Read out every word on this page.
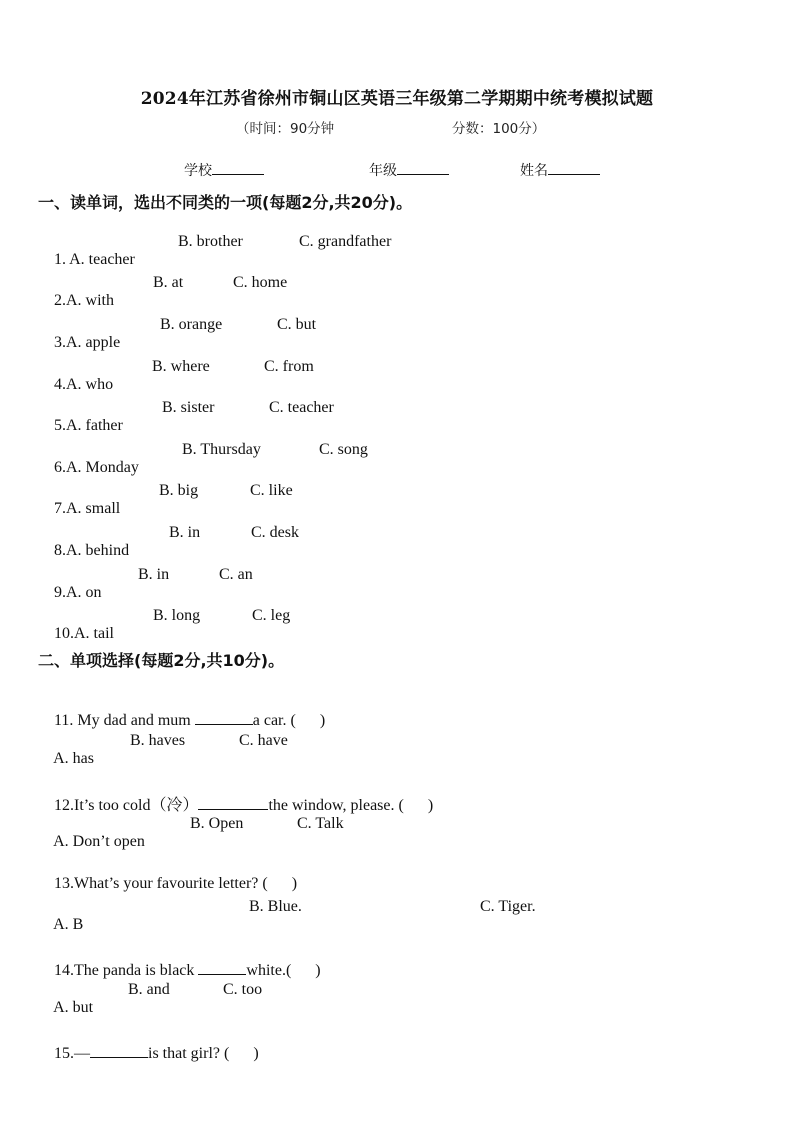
2024年江苏省徐州市铜山区英语三年级第二学期期中统考模拟试题
（时间：90分钟	分数：100分）
学校	年级	姓名
一、读单词，选出不同类的一项(每题2分,共20分)。

1. A. teacher

B. brother

	C. grandfather

2.A. with

B. at

	C. home

3.A. apple

B. orange

	C. but

4.A. who

B. where

	C. from

5.A. father

B. sister

	C. teacher

6.A. Monday

B. Thursday

	C. song

7.A. small

B. big

	C. like

8.A. behind

B. in

	C. desk

9.A. on

B. in

	C. an

10.A. tail

B. long

	C. leg

二、单项选择(每题2分,共10分)。

11. My dad and mum	a car. (      )

A. has

B. haves

	C. have

12.It’s too cold（冷）	the window, please. (      )

A. Don’t open

B. Open

	C. Talk

13.What’s your favourite letter? (      )

A. B

B. Blue.

	C. Tiger.

14.The panda is black	white.(      )

A. but

B. and

	C. too

15.—	is that girl? (      )
